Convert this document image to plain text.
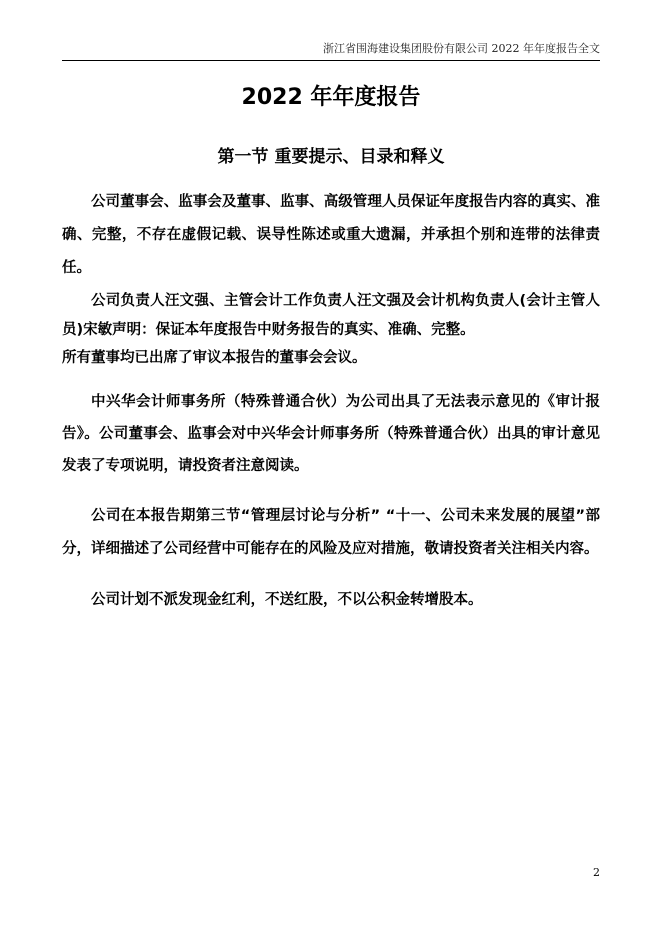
浙江省围海建设集团股份有限公司 2022 年年度报告全文
2022 年年度报告
第一节 重要提示、目录和释义

公司董事会、监事会及董事、监事、高级管理人员保证年度报告内容的真实、准确、完整，不存在虚假记载、误导性陈述或重大遗漏，并承担个别和连带的法律责任。

公司负责人汪文强、主管会计工作负责人汪文强及会计机构负责人(会计主管人员)宋敏声明：保证本年度报告中财务报告的真实、准确、完整。

所有董事均已出席了审议本报告的董事会会议。

中兴华会计师事务所（特殊普通合伙）为公司出具了无法表示意见的《审计报告》。公司董事会、监事会对中兴华会计师事务所（特殊普通合伙）出具的审计意见发表了专项说明，请投资者注意阅读。

公司在本报告期第三节“管理层讨论与分析” “十一、公司未来发展的展望”部分，详细描述了公司经营中可能存在的风险及应对措施，敬请投资者关注相关内容。

公司计划不派发现金红利，不送红股，不以公积金转增股本。

2
